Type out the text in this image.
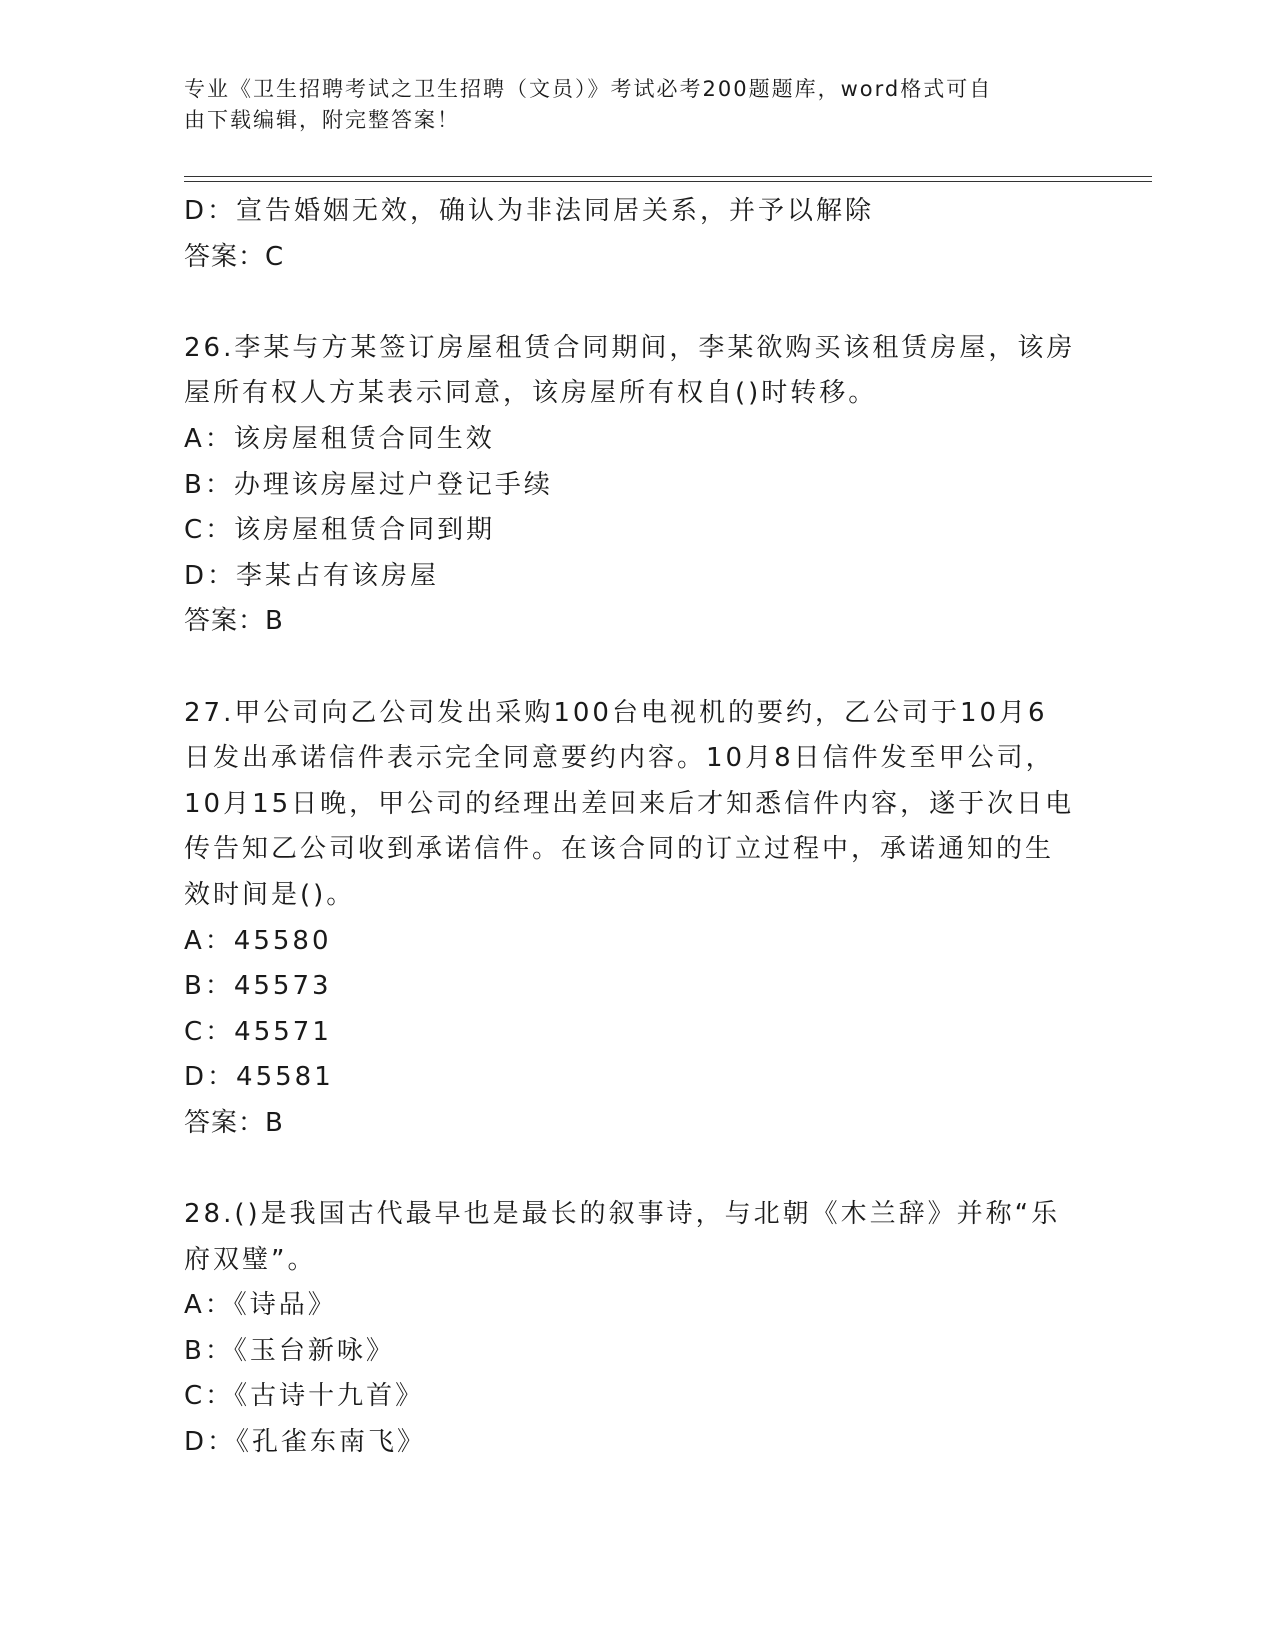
专业《卫生招聘考试之卫生招聘（文员）》考试必考200题题库，word格式可自
由下载编辑，附完整答案！
D：宣告婚姻无效，确认为非法同居关系，并予以解除
答案：C
26.李某与方某签订房屋租赁合同期间，李某欲购买该租赁房屋，该房
屋所有权人方某表示同意，该房屋所有权自()时转移。
A：该房屋租赁合同生效
B：办理该房屋过户登记手续
C：该房屋租赁合同到期
D：李某占有该房屋
答案：B
27.甲公司向乙公司发出采购100台电视机的要约，乙公司于10月6
日发出承诺信件表示完全同意要约内容。10月8日信件发至甲公司，
10月15日晚，甲公司的经理出差回来后才知悉信件内容，遂于次日电
传告知乙公司收到承诺信件。在该合同的订立过程中，承诺通知的生
效时间是()。
A：45580
B：45573
C：45571
D：45581
答案：B
28.()是我国古代最早也是最长的叙事诗，与北朝《木兰辞》并称“乐
府双璧”。
A：《诗品》
B：《玉台新咏》
C：《古诗十九首》
D：《孔雀东南飞》
